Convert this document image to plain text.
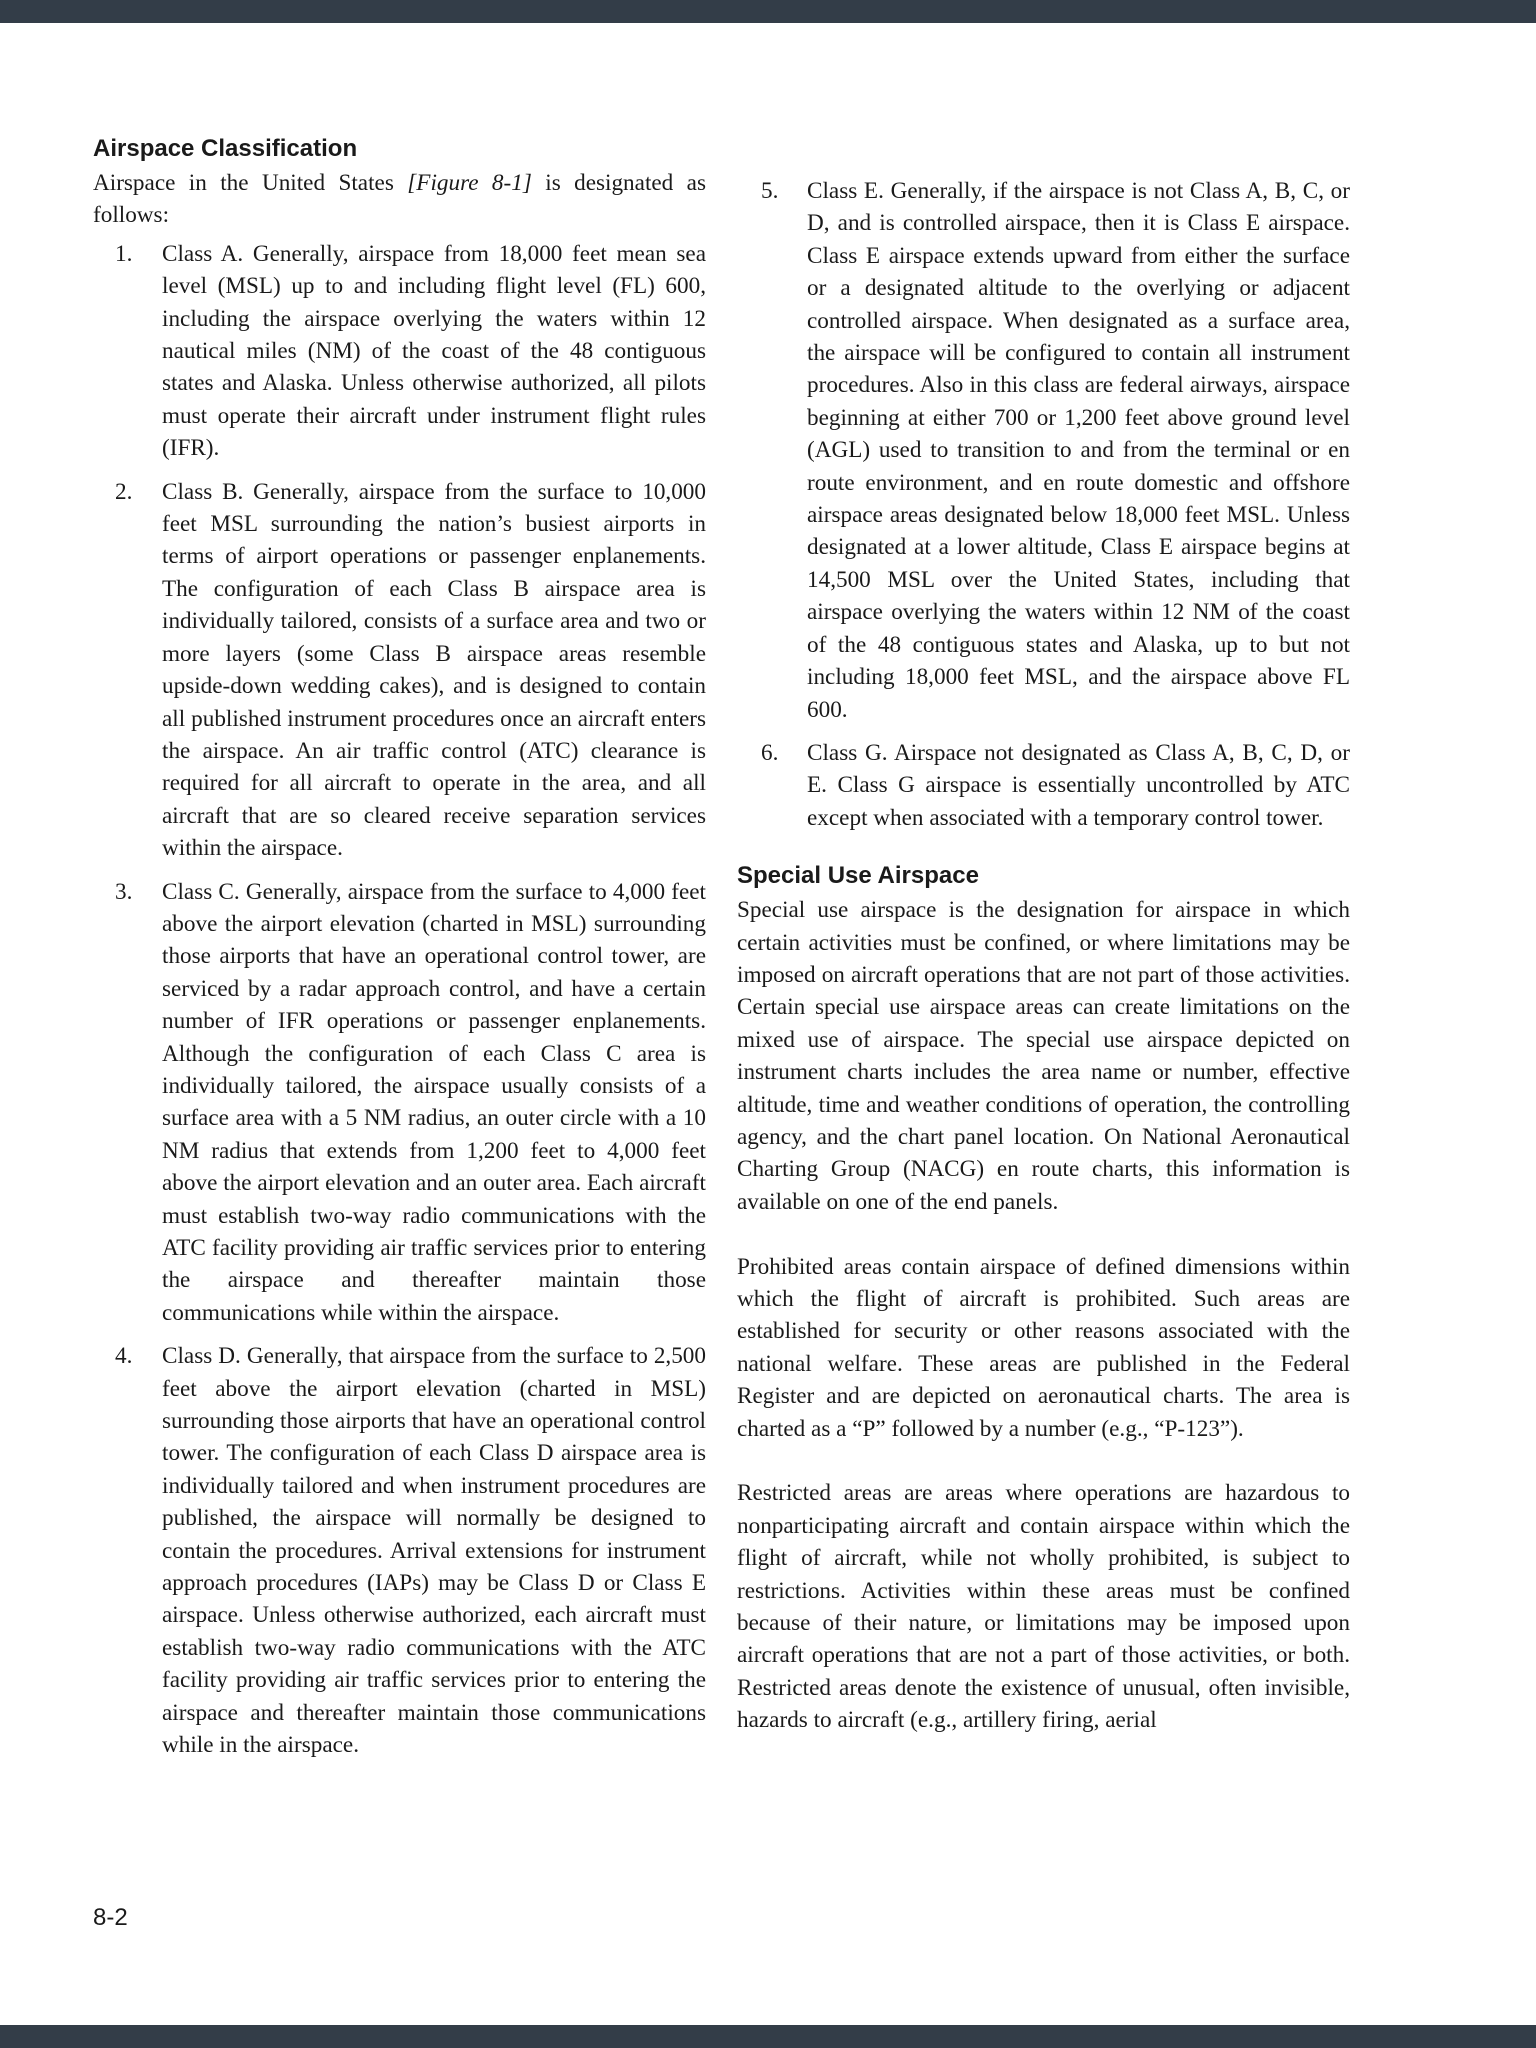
Airspace Classification

Airspace in the United States [Figure 8-1] is designated as follows:

1. Class A. Generally, airspace from 18,000 feet mean sea level (MSL) up to and including flight level (FL) 600, including the airspace overlying the waters within 12 nautical miles (NM) of the coast of the 48 contiguous states and Alaska. Unless otherwise authorized, all pilots must operate their aircraft under instrument flight rules (IFR).
2. Class B. Generally, airspace from the surface to 10,000 feet MSL surrounding the nation’s busiest airports in terms of airport operations or passenger enplanements. The configuration of each Class B airspace area is individually tailored, consists of a surface area and two or more layers (some Class B airspace areas resemble upside-down wedding cakes), and is designed to contain all published instrument procedures once an aircraft enters the airspace. An air traffic control (ATC) clearance is required for all aircraft to operate in the area, and all aircraft that are so cleared receive separation services within the airspace.
3. Class C. Generally, airspace from the surface to 4,000 feet above the airport elevation (charted in MSL) surrounding those airports that have an operational control tower, are serviced by a radar approach control, and have a certain number of IFR operations or passenger enplanements. Although the configuration of each Class C area is individually tailored, the airspace usually consists of a surface area with a 5 NM radius, an outer circle with a 10 NM radius that extends from 1,200 feet to 4,000 feet above the airport elevation and an outer area. Each aircraft must establish two-way radio communications with the ATC facility providing air traffic services prior to entering the airspace and thereafter maintain those communications while within the airspace.
4. Class D. Generally, that airspace from the surface to 2,500 feet above the airport elevation (charted in MSL) surrounding those airports that have an operational control tower. The configuration of each Class D airspace area is individually tailored and when instrument procedures are published, the airspace will normally be designed to contain the procedures. Arrival extensions for instrument approach procedures (IAPs) may be Class D or Class E airspace. Unless otherwise authorized, each aircraft must establish two-way radio communications with the ATC facility providing air traffic services prior to entering the airspace and thereafter maintain those communications while in the airspace.
5. Class E. Generally, if the airspace is not Class A, B, C, or D, and is controlled airspace, then it is Class E airspace. Class E airspace extends upward from either the surface or a designated altitude to the overlying or adjacent controlled airspace. When designated as a surface area, the airspace will be configured to contain all instrument procedures. Also in this class are federal airways, airspace beginning at either 700 or 1,200 feet above ground level (AGL) used to transition to and from the terminal or en route environment, and en route domestic and offshore airspace areas designated below 18,000 feet MSL. Unless designated at a lower altitude, Class E airspace begins at 14,500 MSL over the United States, including that airspace overlying the waters within 12 NM of the coast of the 48 contiguous states and Alaska, up to but not including 18,000 feet MSL, and the airspace above FL 600.
6. Class G. Airspace not designated as Class A, B, C, D, or E. Class G airspace is essentially uncontrolled by ATC except when associated with a temporary control tower.
Special Use Airspace

Special use airspace is the designation for airspace in which certain activities must be confined, or where limitations may be imposed on aircraft operations that are not part of those activities. Certain special use airspace areas can create limitations on the mixed use of airspace. The special use airspace depicted on instrument charts includes the area name or number, effective altitude, time and weather conditions of operation, the controlling agency, and the chart panel location. On National Aeronautical Charting Group (NACG) en route charts, this information is available on one of the end panels.

Prohibited areas contain airspace of defined dimensions within which the flight of aircraft is prohibited. Such areas are established for security or other reasons associated with the national welfare. These areas are published in the Federal Register and are depicted on aeronautical charts. The area is charted as a “P” followed by a number (e.g., “P-123”).

Restricted areas are areas where operations are hazardous to nonparticipating aircraft and contain airspace within which the flight of aircraft, while not wholly prohibited, is subject to restrictions. Activities within these areas must be confined because of their nature, or limitations may be imposed upon aircraft operations that are not a part of those activities, or both. Restricted areas denote the existence of unusual, often invisible, hazards to aircraft (e.g., artillery firing, aerial

8-2
